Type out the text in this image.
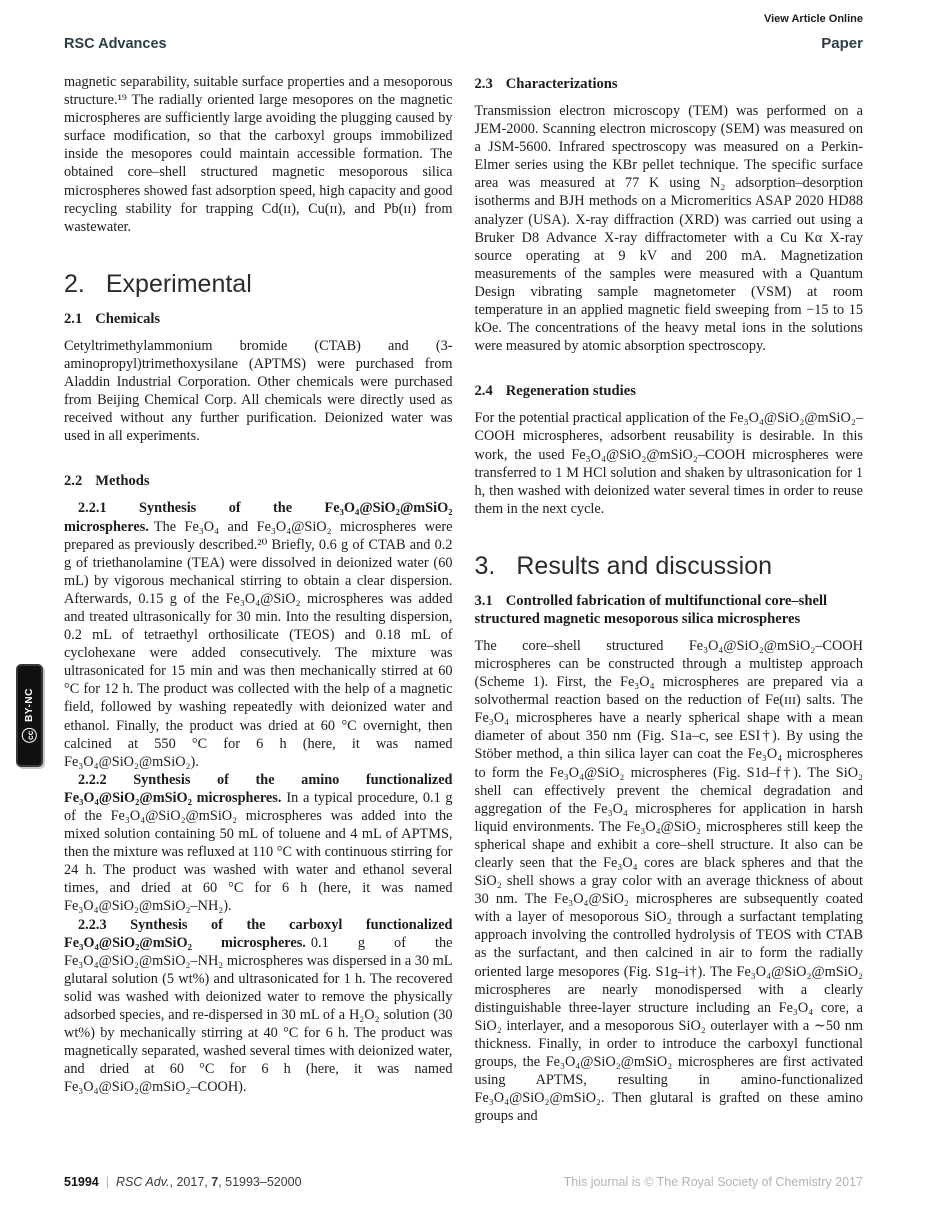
cc
BY-NC
View Article Online
RSC Advances	Paper

magnetic separability, suitable surface properties and a mesoporous structure.¹⁹ The radially oriented large mesopores on the magnetic microspheres are sufficiently large avoiding the plugging caused by surface modification, so that the carboxyl groups immobilized inside the mesopores could maintain accessible formation. The obtained core–shell structured magnetic mesoporous silica microspheres showed fast adsorption speed, high capacity and good recycling stability for trapping Cd(ɪɪ), Cu(ɪɪ), and Pb(ɪɪ) from wastewater.

2. Experimental
2.1 Chemicals

Cetyltrimethylammonium bromide (CTAB) and (3-aminopropyl)trimethoxysilane (APTMS) were purchased from Aladdin Industrial Corporation. Other chemicals were purchased from Beijing Chemical Corp. All chemicals were directly used as received without any further purification. Deionized water was used in all experiments.

2.2 Methods

2.2.1 Synthesis of the Fe₃O₄@SiO₂@mSiO₂ microspheres. The Fe₃O₄ and Fe₃O₄@SiO₂ microspheres were prepared as previously described.²⁰ Briefly, 0.6 g of CTAB and 0.2 g of triethanolamine (TEA) were dissolved in deionized water (60 mL) by vigorous mechanical stirring to obtain a clear dispersion. Afterwards, 0.15 g of the Fe₃O₄@SiO₂ microspheres was added and treated ultrasonically for 30 min. Into the resulting dispersion, 0.2 mL of tetraethyl orthosilicate (TEOS) and 0.18 mL of cyclohexane were added consecutively. The mixture was ultrasonicated for 15 min and was then mechanically stirred at 60 °C for 12 h. The product was collected with the help of a magnetic field, followed by washing repeatedly with deionized water and ethanol. Finally, the product was dried at 60 °C overnight, then calcined at 550 °C for 6 h (here, it was named Fe₃O₄@SiO₂@mSiO₂).

2.2.2 Synthesis of the amino functionalized Fe₃O₄@SiO₂@mSiO₂ microspheres. In a typical procedure, 0.1 g of the Fe₃O₄@SiO₂@mSiO₂ microspheres was added into the mixed solution containing 50 mL of toluene and 4 mL of APTMS, then the mixture was refluxed at 110 °C with continuous stirring for 24 h. The product was washed with water and ethanol several times, and dried at 60 °C for 6 h (here, it was named Fe₃O₄@SiO₂@mSiO₂–NH₂).

2.2.3 Synthesis of the carboxyl functionalized Fe₃O₄@SiO₂@mSiO₂ microspheres. 0.1 g of the Fe₃O₄@SiO₂@mSiO₂–NH₂ microspheres was dispersed in a 30 mL glutaral solution (5 wt%) and ultrasonicated for 1 h. The recovered solid was washed with deionized water to remove the physically adsorbed species, and re-dispersed in 30 mL of a H₂O₂ solution (30 wt%) by mechanically stirring at 40 °C for 6 h. The product was magnetically separated, washed several times with deionized water, and dried at 60 °C for 6 h (here, it was named Fe₃O₄@SiO₂@mSiO₂–COOH).

2.3 Characterizations

Transmission electron microscopy (TEM) was performed on a JEM-2000. Scanning electron microscopy (SEM) was measured on a JSM-5600. Infrared spectroscopy was measured on a Perkin-Elmer series using the KBr pellet technique. The specific surface area was measured at 77 K using N₂ adsorption–desorption isotherms and BJH methods on a Micromeritics ASAP 2020 HD88 analyzer (USA). X-ray diffraction (XRD) was carried out using a Bruker D8 Advance X-ray diffractometer with a Cu Kα X-ray source operating at 9 kV and 200 mA. Magnetization measurements of the samples were measured with a Quantum Design vibrating sample magnetometer (VSM) at room temperature in an applied magnetic field sweeping from −15 to 15 kOe. The concentrations of the heavy metal ions in the solutions were measured by atomic absorption spectroscopy.

2.4 Regeneration studies

For the potential practical application of the Fe₃O₄@SiO₂@mSiO₂–COOH microspheres, adsorbent reusability is desirable. In this work, the used Fe₃O₄@SiO₂@mSiO₂–COOH microspheres were transferred to 1 M HCl solution and shaken by ultrasonication for 1 h, then washed with deionized water several times in order to reuse them in the next cycle.

3. Results and discussion
3.1 Controlled fabrication of multifunctional core–shell structured magnetic mesoporous silica microspheres

The core–shell structured Fe₃O₄@SiO₂@mSiO₂–COOH microspheres can be constructed through a multistep approach (Scheme 1). First, the Fe₃O₄ microspheres are prepared via a solvothermal reaction based on the reduction of Fe(ɪɪɪ) salts. The Fe₃O₄ microspheres have a nearly spherical shape with a mean diameter of about 350 nm (Fig. S1a–c, see ESI†). By using the Stöber method, a thin silica layer can coat the Fe₃O₄ microspheres to form the Fe₃O₄@SiO₂ microspheres (Fig. S1d–f†). The SiO₂ shell can effectively prevent the chemical degradation and aggregation of the Fe₃O₄ microspheres for application in harsh liquid environments. The Fe₃O₄@SiO₂ microspheres still keep the spherical shape and exhibit a core–shell structure. It also can be clearly seen that the Fe₃O₄ cores are black spheres and that the SiO₂ shell shows a gray color with an average thickness of about 30 nm. The Fe₃O₄@SiO₂ microspheres are subsequently coated with a layer of mesoporous SiO₂ through a surfactant templating approach involving the controlled hydrolysis of TEOS with CTAB as the surfactant, and then calcined in air to form the radially oriented large mesopores (Fig. S1g–i†). The Fe₃O₄@SiO₂@mSiO₂ microspheres are nearly monodispersed with a clearly distinguishable three-layer structure including an Fe₃O₄ core, a SiO₂ interlayer, and a mesoporous SiO₂ outerlayer with a ∼50 nm thickness. Finally, in order to introduce the carboxyl functional groups, the Fe₃O₄@SiO₂@mSiO₂ microspheres are first activated using APTMS, resulting in amino-functionalized Fe₃O₄@SiO₂@mSiO₂. Then glutaral is grafted on these amino groups and

51994 | RSC Adv., 2017, 7, 51993–52000	This journal is © The Royal Society of Chemistry 2017
